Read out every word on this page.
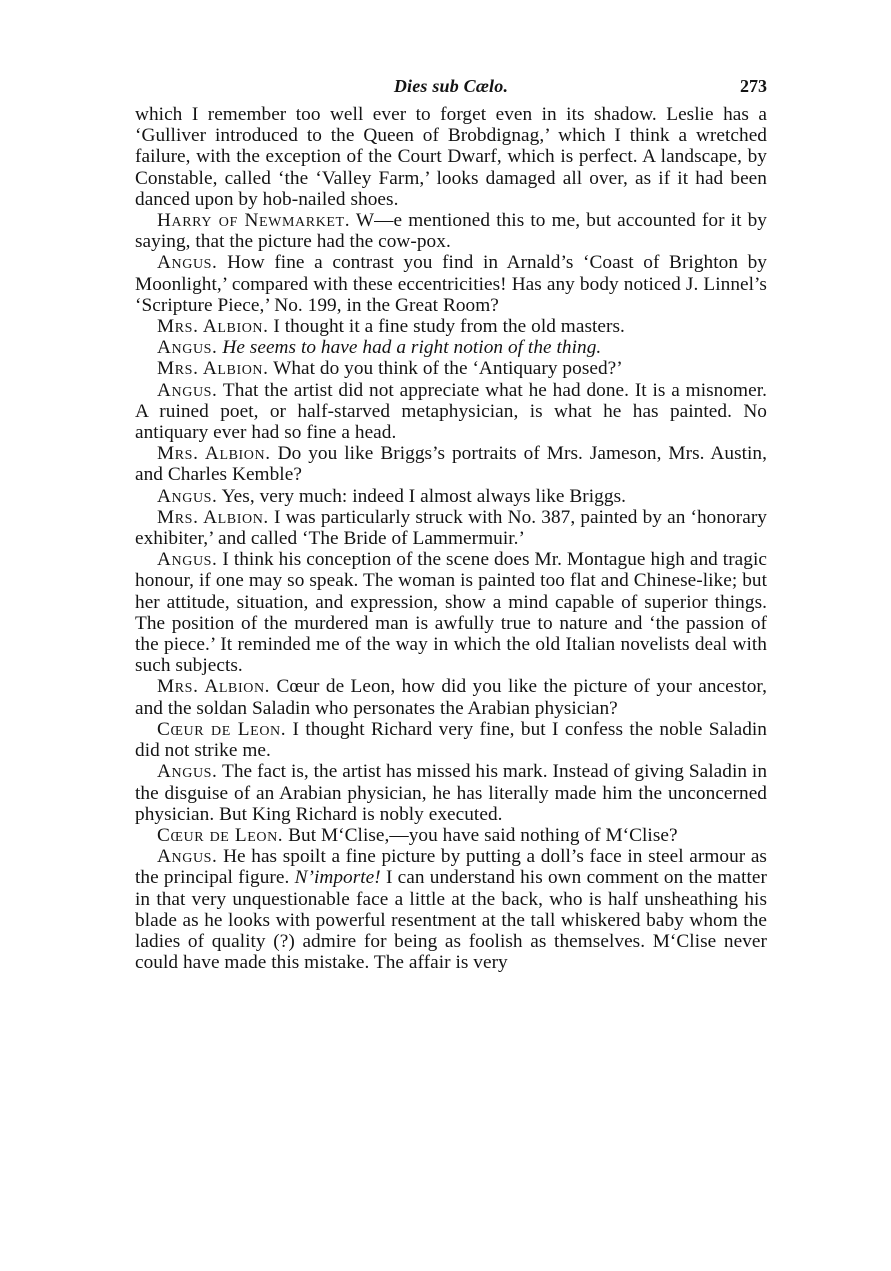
Dies sub Cælo.	273

which I remember too well ever to forget even in its shadow. Leslie has a ‘Gulliver introduced to the Queen of Brobdignag,’ which I think a wretched failure, with the exception of the Court Dwarf, which is perfect. A landscape, by Constable, called ‘the ‘Valley Farm,’ looks damaged all over, as if it had been danced upon by hob-nailed shoes.

Harry of Newmarket. W—e mentioned this to me, but accounted for it by saying, that the picture had the cow-pox.

Angus. How fine a contrast you find in Arnald’s ‘Coast of Brighton by Moonlight,’ compared with these eccentricities! Has any body noticed J. Linnel’s ‘Scripture Piece,’ No. 199, in the Great Room?

Mrs. Albion. I thought it a fine study from the old masters.

Angus. He seems to have had a right notion of the thing.

Mrs. Albion. What do you think of the ‘Antiquary posed?’

Angus. That the artist did not appreciate what he had done. It is a misnomer. A ruined poet, or half-starved metaphysician, is what he has painted. No antiquary ever had so fine a head.

Mrs. Albion. Do you like Briggs’s portraits of Mrs. Jameson, Mrs. Austin, and Charles Kemble?

Angus. Yes, very much: indeed I almost always like Briggs.

Mrs. Albion. I was particularly struck with No. 387, painted by an ‘honorary exhibiter,’ and called ‘The Bride of Lammermuir.’

Angus. I think his conception of the scene does Mr. Montague high and tragic honour, if one may so speak. The woman is painted too flat and Chinese-like; but her attitude, situation, and expression, show a mind capable of superior things. The position of the murdered man is awfully true to nature and ‘the passion of the piece.’ It reminded me of the way in which the old Italian novelists deal with such subjects.

Mrs. Albion. Cœur de Leon, how did you like the picture of your ancestor, and the soldan Saladin who personates the Arabian physician?

Cœur de Leon. I thought Richard very fine, but I confess the noble Saladin did not strike me.

Angus. The fact is, the artist has missed his mark. Instead of giving Saladin in the disguise of an Arabian physician, he has literally made him the unconcerned physician. But King Richard is nobly executed.

Cœur de Leon. But M‘Clise,—you have said nothing of M‘Clise?

Angus. He has spoilt a fine picture by putting a doll’s face in steel armour as the principal figure. N’importe! I can understand his own comment on the matter in that very unquestionable face a little at the back, who is half unsheathing his blade as he looks with powerful resentment at the tall whiskered baby whom the ladies of quality (?) admire for being as foolish as themselves. M‘Clise never could have made this mistake. The affair is very
